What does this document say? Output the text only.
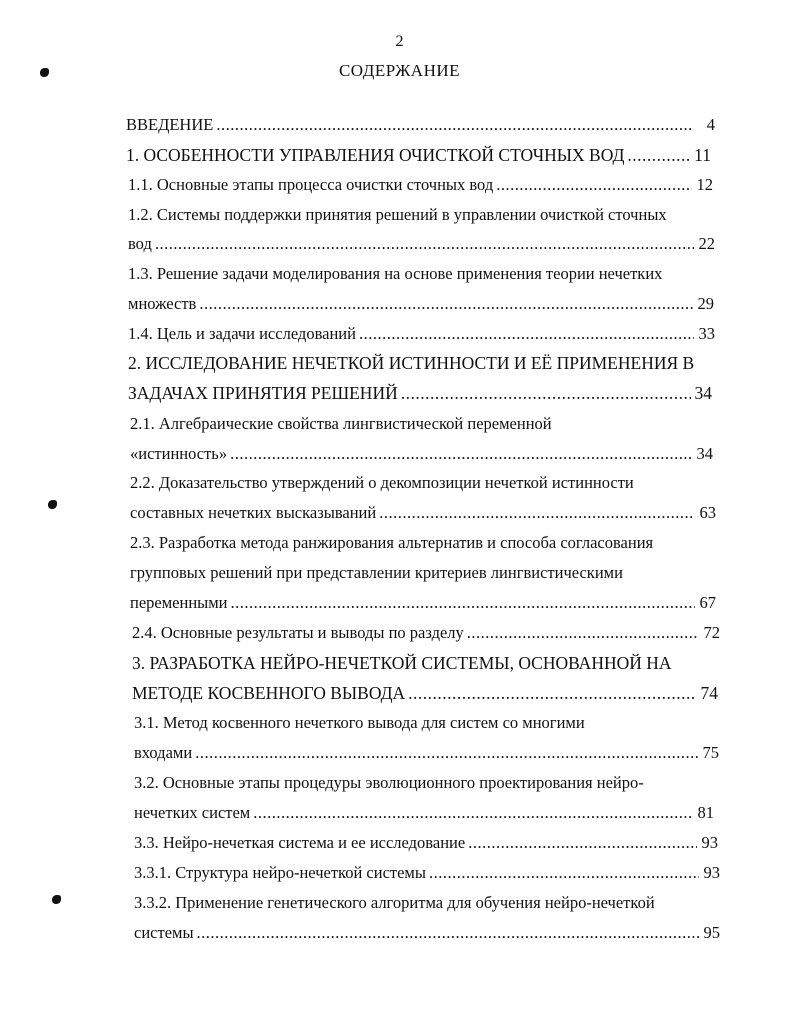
2
СОДЕРЖАНИЕ
ВВЕДЕНИЕ .....	4
1. ОСОБЕННОСТИ УПРАВЛЕНИЯ ОЧИСТКОЙ СТОЧНЫХ ВОД .....	11
1.1. Основные этапы процесса очистки сточных вод .....	12
1.2. Системы поддержки принятия решений в управлении очисткой сточных
вод .....	22
1.3. Решение задачи моделирования на основе применения теории нечетких
множеств .....	29
1.4. Цель и задачи исследований .....	33
2. ИССЛЕДОВАНИЕ НЕЧЕТКОЙ ИСТИННОСТИ И ЕЁ ПРИМЕНЕНИЯ В
ЗАДАЧАХ ПРИНЯТИЯ РЕШЕНИЙ .....	34
2.1. Алгебраические свойства лингвистической переменной
«истинность» .....	34
2.2. Доказательство утверждений о декомпозиции нечеткой истинности
составных нечетких высказываний .....	63
2.3. Разработка метода ранжирования альтернатив и способа согласования
групповых решений при представлении критериев лингвистическими
переменными .....	67
2.4. Основные результаты и выводы по разделу .....	72
3. РАЗРАБОТКА НЕЙРО-НЕЧЕТКОЙ СИСТЕМЫ, ОСНОВАННОЙ НА
МЕТОДЕ КОСВЕННОГО ВЫВОДА .....	74
3.1. Метод косвенного нечеткого вывода для систем со многими
входами .....	75
3.2. Основные этапы процедуры эволюционного проектирования нейро-
нечетких систем .....	81
3.3. Нейро-нечеткая система и ее исследование .....	93
3.3.1. Структура нейро-нечеткой системы .....	93
3.3.2. Применение генетического алгоритма для обучения нейро-нечеткой
системы .....	95
